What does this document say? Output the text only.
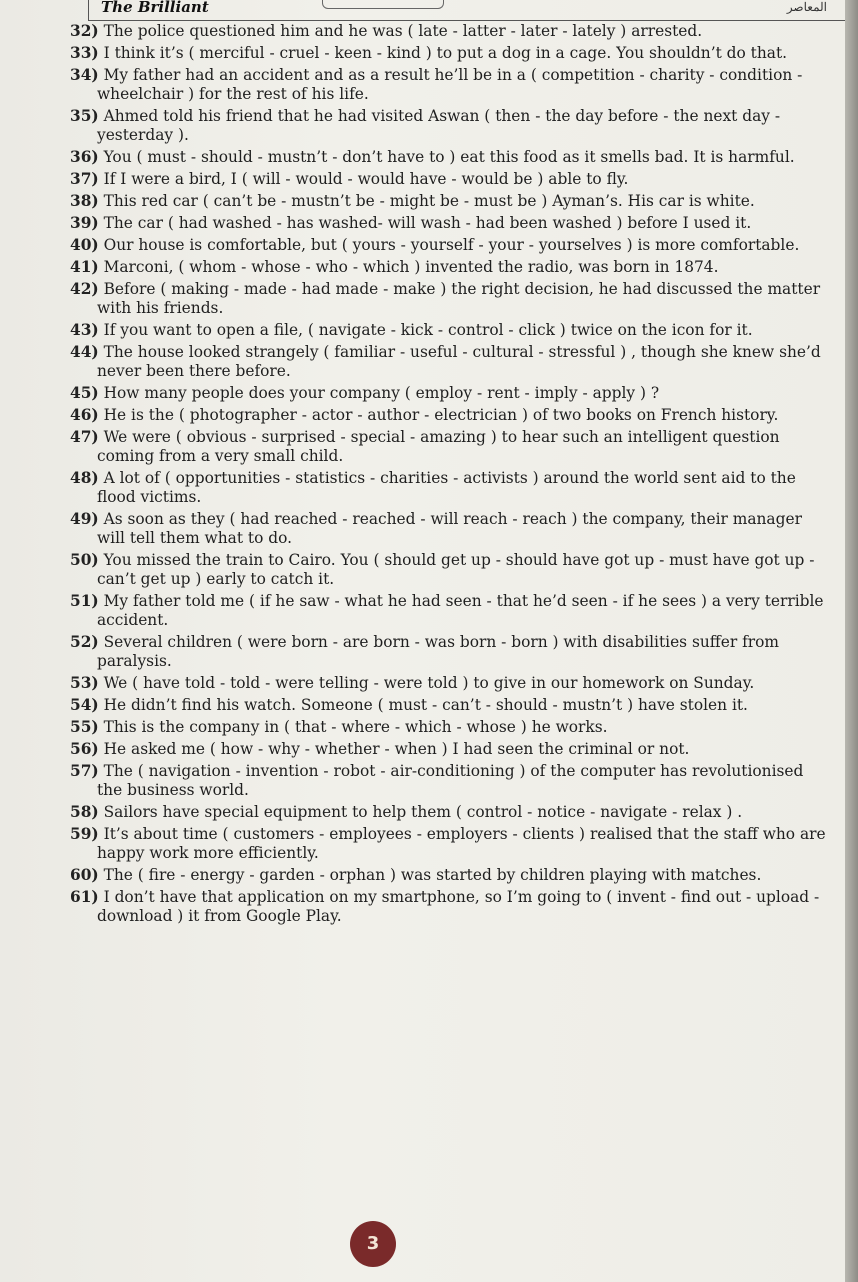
The Brilliant	المعاصر

32) The police questioned him and he was ( late - latter - later - lately ) arrested.

33) I think it’s ( merciful - cruel - keen - kind ) to put a dog in a cage. You shouldn’t do that.

34) My father had an accident and as a result he’ll be in a ( competition - charity - condition - wheelchair ) for the rest of his life.

35) Ahmed told his friend that he had visited Aswan ( then - the day before - the next day - yesterday ).

36) You ( must - should - mustn’t - don’t have to ) eat this food as it smells bad. It is harmful.

37) If I were a bird, I ( will - would - would have - would be ) able to fly.

38) This red car ( can’t be - mustn’t be - might be - must be ) Ayman’s. His car is white.

39) The car ( had washed - has washed- will wash - had been washed ) before I used it.

40) Our house is comfortable, but ( yours - yourself - your - yourselves ) is more comfortable.

41) Marconi, ( whom - whose - who - which ) invented the radio, was born in 1874.

42) Before ( making - made - had made - make ) the right decision, he had discussed the matter with his friends.

43) If you want to open a file, ( navigate - kick - control - click ) twice on the icon for it.

44) The house looked strangely ( familiar - useful - cultural - stressful ) , though she knew she’d never been there before.

45) How many people does your company ( employ - rent - imply - apply ) ?

46) He is the ( photographer - actor - author - electrician ) of two books on French history.

47) We were ( obvious - surprised - special - amazing ) to hear such an intelligent question coming from a very small child.

48) A lot of ( opportunities - statistics - charities - activists ) around the world sent aid to the flood victims.

49) As soon as they ( had reached - reached - will reach - reach ) the company, their manager will tell them what to do.

50) You missed the train to Cairo. You ( should get up - should have got up - must have got up - can’t get up ) early to catch it.

51) My father told me ( if he saw - what he had seen - that he’d seen - if he sees ) a very terrible accident.

52) Several children ( were born - are born - was born - born ) with disabilities suffer from paralysis.

53) We ( have told - told - were telling - were told ) to give in our homework on Sunday.

54) He didn’t find his watch. Someone ( must - can’t - should - mustn’t ) have stolen it.

55) This is the company in ( that - where - which - whose ) he works.

56) He asked me ( how - why - whether - when ) I had seen the criminal or not.

57) The ( navigation - invention - robot - air-conditioning ) of the computer has revolutionised the business world.

58) Sailors have special equipment to help them ( control - notice - navigate - relax ) .

59) It’s about time ( customers - employees - employers - clients ) realised that the staff who are happy work more efficiently.

60) The ( fire - energy - garden - orphan ) was started by children playing with matches.

61) I don’t have that application on my smartphone, so I’m going to ( invent - find out - upload - download ) it from Google Play.

3
